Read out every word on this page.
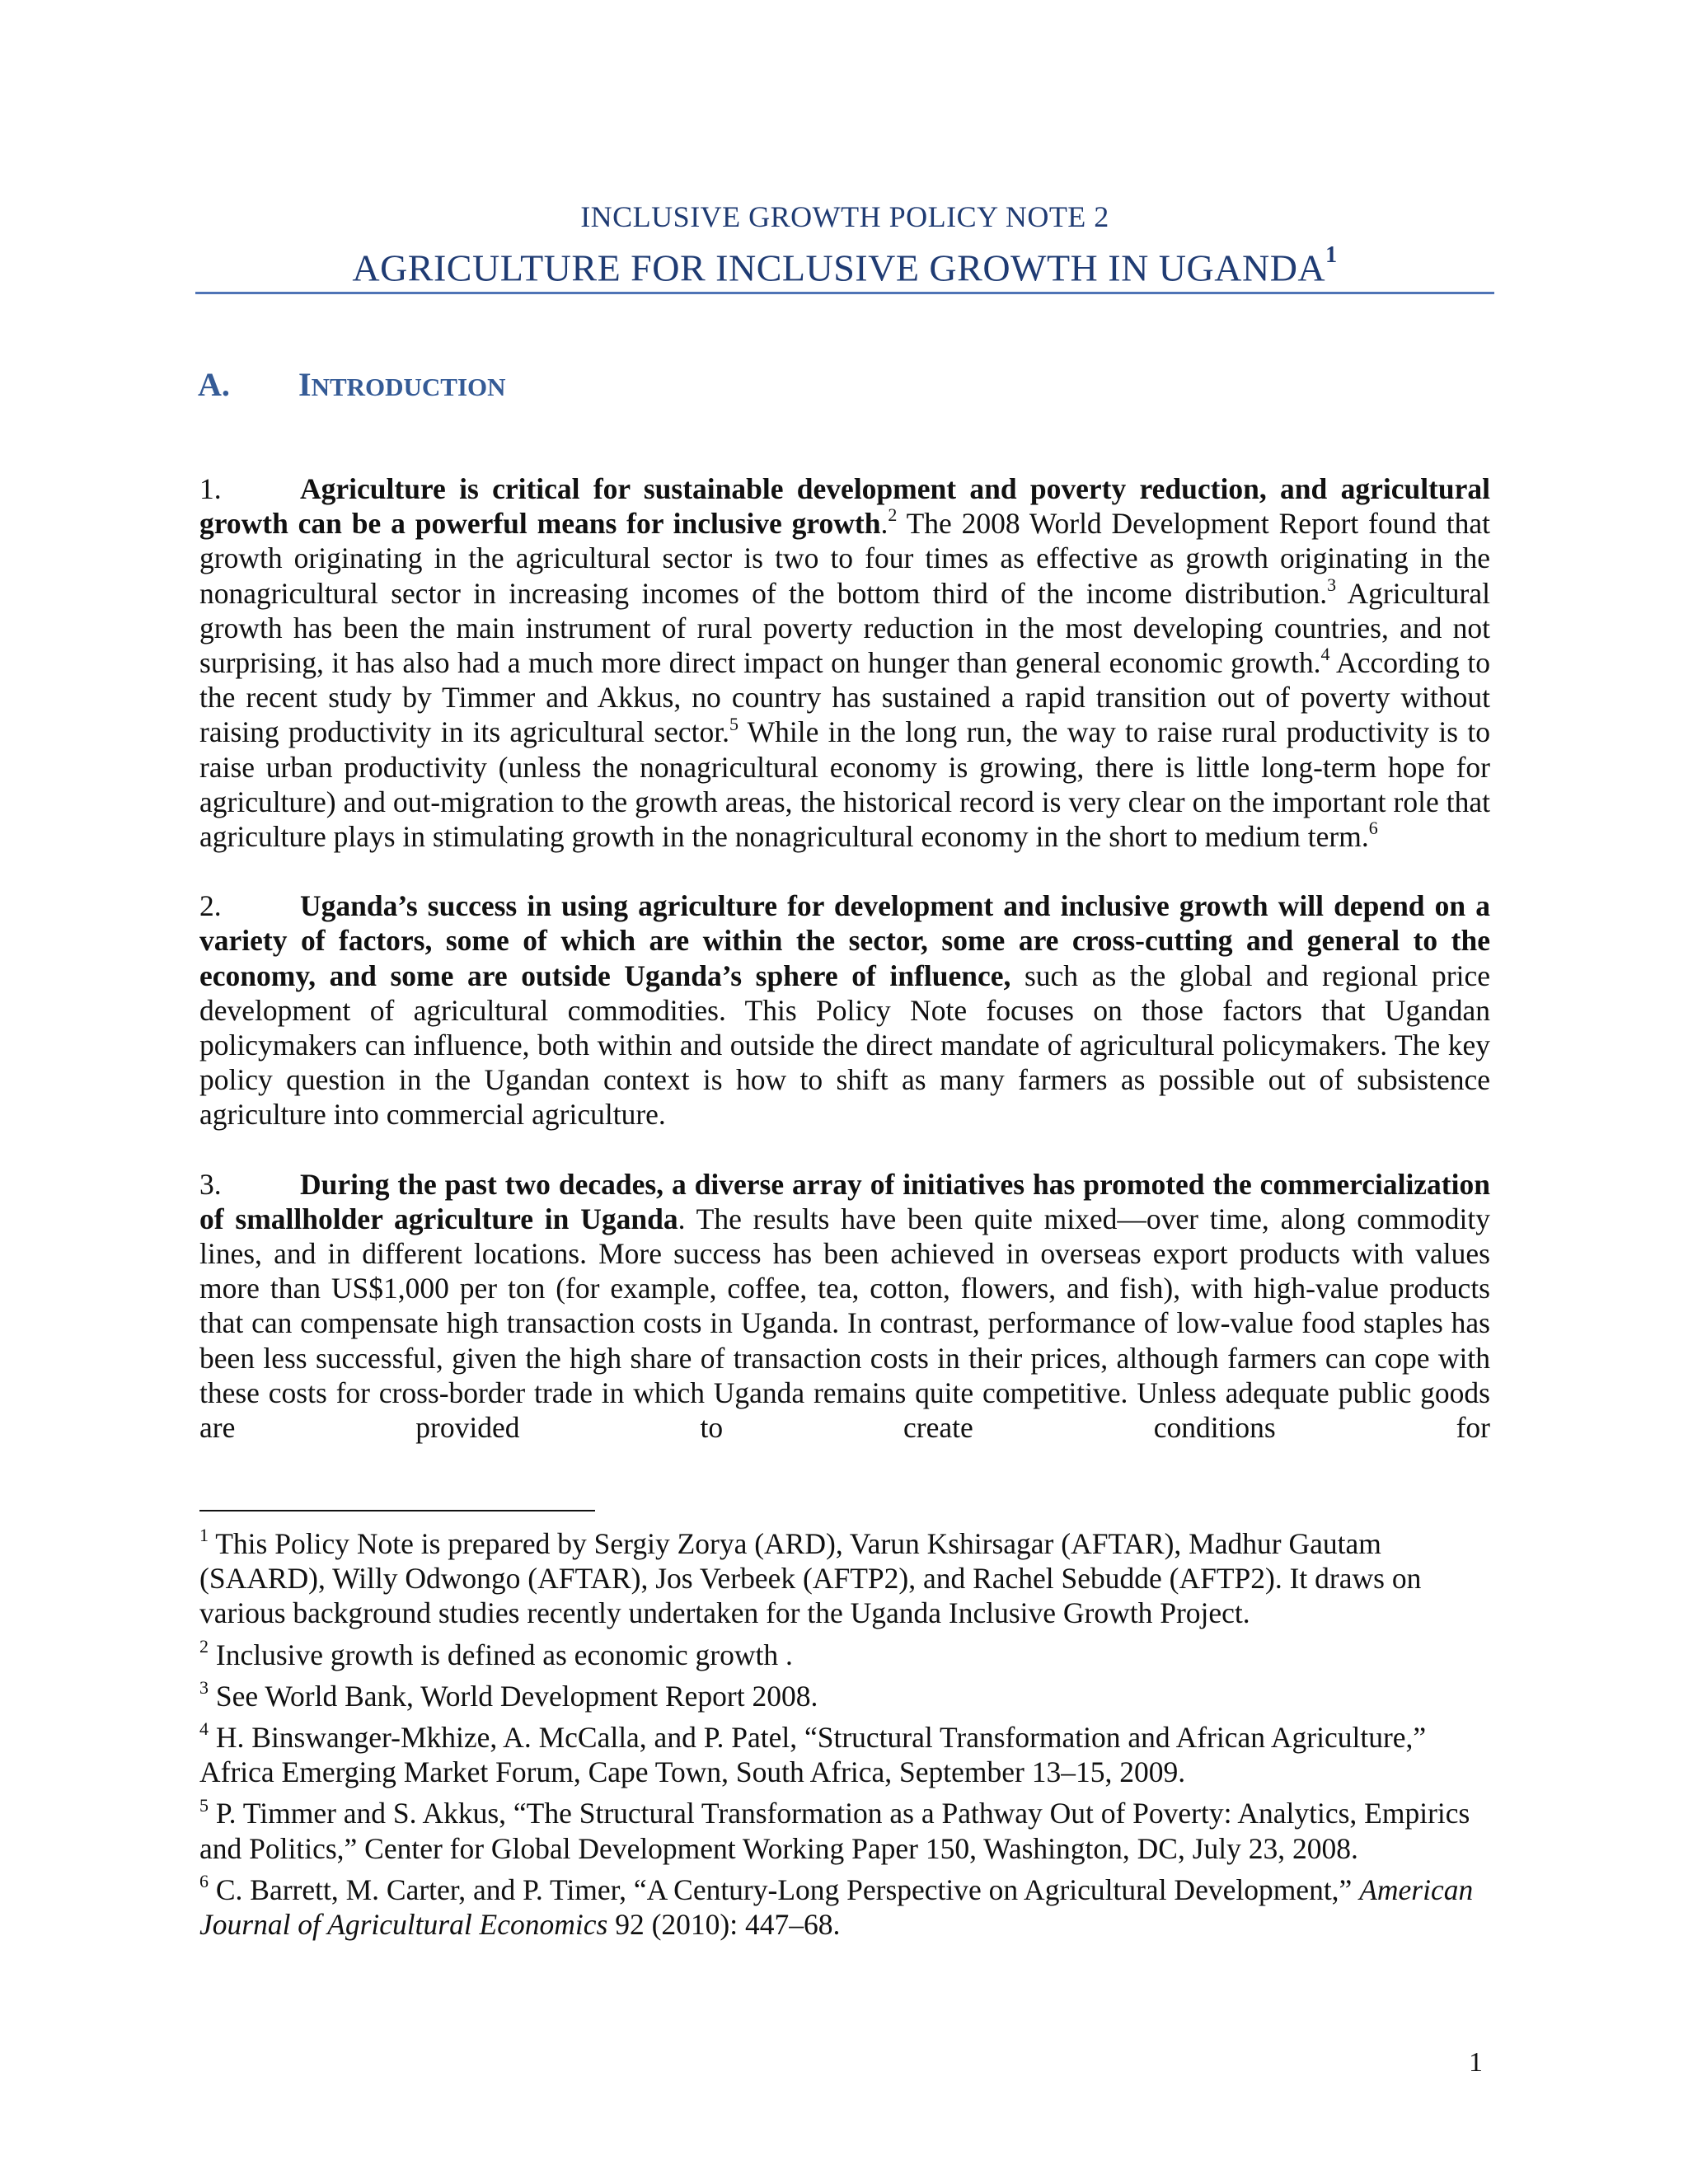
INCLUSIVE GROWTH POLICY NOTE 2
AGRICULTURE FOR INCLUSIVE GROWTH IN UGANDA$^1$
A. INTRODUCTION

1.	Agriculture is critical for sustainable development and poverty reduction, and agricultural growth can be a powerful means for inclusive growth.$^2$ The 2008 World Development Report found that growth originating in the agricultural sector is two to four times as effective as growth originating in the nonagricultural sector in increasing incomes of the bottom third of the income distribution.$^3$ Agricultural growth has been the main instrument of rural poverty reduction in the most developing countries, and not surprising, it has also had a much more direct impact on hunger than general economic growth.$^4$ According to the recent study by Timmer and Akkus, no country has sustained a rapid transition out of poverty without raising productivity in its agricultural sector.$^5$ While in the long run, the way to raise rural productivity is to raise urban productivity (unless the nonagricultural economy is growing, there is little long-term hope for agriculture) and out-migration to the growth areas, the historical record is very clear on the important role that agriculture plays in stimulating growth in the nonagricultural economy in the short to medium term.$^6$

2.	Uganda’s success in using agriculture for development and inclusive growth will depend on a variety of factors, some of which are within the sector, some are cross-cutting and general to the economy, and some are outside Uganda’s sphere of influence, such as the global and regional price development of agricultural commodities. This Policy Note focuses on those factors that Ugandan policymakers can influence, both within and outside the direct mandate of agricultural policymakers. The key policy question in the Ugandan context is how to shift as many farmers as possible out of subsistence agriculture into commercial agriculture.

3.	During the past two decades, a diverse array of initiatives has promoted the commercialization of smallholder agriculture in Uganda. The results have been quite mixed—over time, along commodity lines, and in different locations. More success has been achieved in overseas export products with values more than US$1,000 per ton (for example, coffee, tea, cotton, flowers, and fish), with high-value products that can compensate high transaction costs in Uganda. In contrast, performance of low-value food staples has been less successful, given the high share of transaction costs in their prices, although farmers can cope with these costs for cross-border trade in which Uganda remains quite competitive. Unless adequate public goods are provided to create conditions for

$^1$ This Policy Note is prepared by Sergiy Zorya (ARD), Varun Kshirsagar (AFTAR), Madhur Gautam (SAARD), Willy Odwongo (AFTAR), Jos Verbeek (AFTP2), and Rachel Sebudde (AFTP2). It draws on various background studies recently undertaken for the Uganda Inclusive Growth Project.
$^2$ Inclusive growth is defined as economic growth .
$^3$ See World Bank, World Development Report 2008.
$^4$ H. Binswanger-Mkhize, A. McCalla, and P. Patel, “Structural Transformation and African Agriculture,” Africa Emerging Market Forum, Cape Town, South Africa, September 13–15, 2009.
$^5$ P. Timmer and S. Akkus, “The Structural Transformation as a Pathway Out of Poverty: Analytics, Empirics and Politics,” Center for Global Development Working Paper 150, Washington, DC, July 23, 2008.
$^6$ C. Barrett, M. Carter, and P. Timer, “A Century-Long Perspective on Agricultural Development,” American Journal of Agricultural Economics 92 (2010): 447–68.
1
